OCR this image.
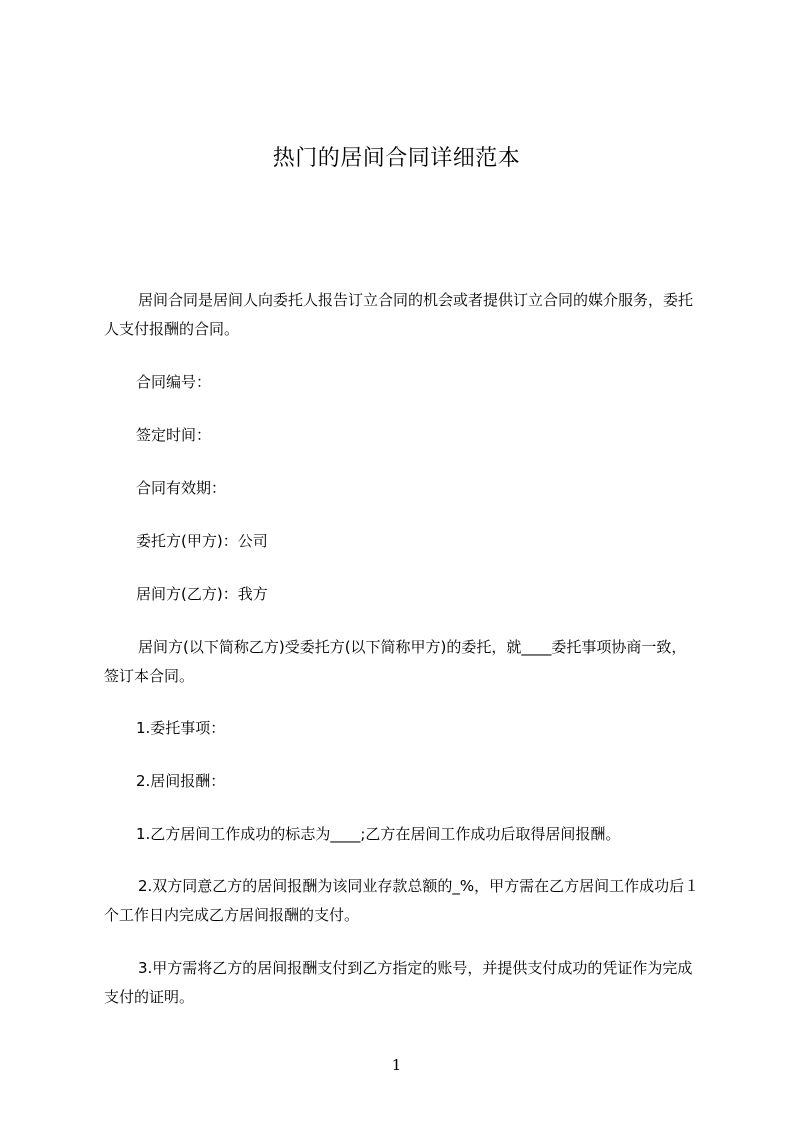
热门的居间合同详细范本

居间合同是居间人向委托人报告订立合同的机会或者提供订立合同的媒介服务，委托人支付报酬的合同。

合同编号：
签定时间：
合同有效期：
委托方(甲方)：公司
居间方(乙方)：我方

居间方(以下简称乙方)受委托方(以下简称甲方)的委托，就____委托事项协商一致，签订本合同。

1.委托事项：
2.居间报酬：
1.乙方居间工作成功的标志为____;乙方在居间工作成功后取得居间报酬。

2.双方同意乙方的居间报酬为该同业存款总额的_%，甲方需在乙方居间工作成功后１个工作日内完成乙方居间报酬的支付。

3.甲方需将乙方的居间报酬支付到乙方指定的账号，并提供支付成功的凭证作为完成支付的证明。

1
